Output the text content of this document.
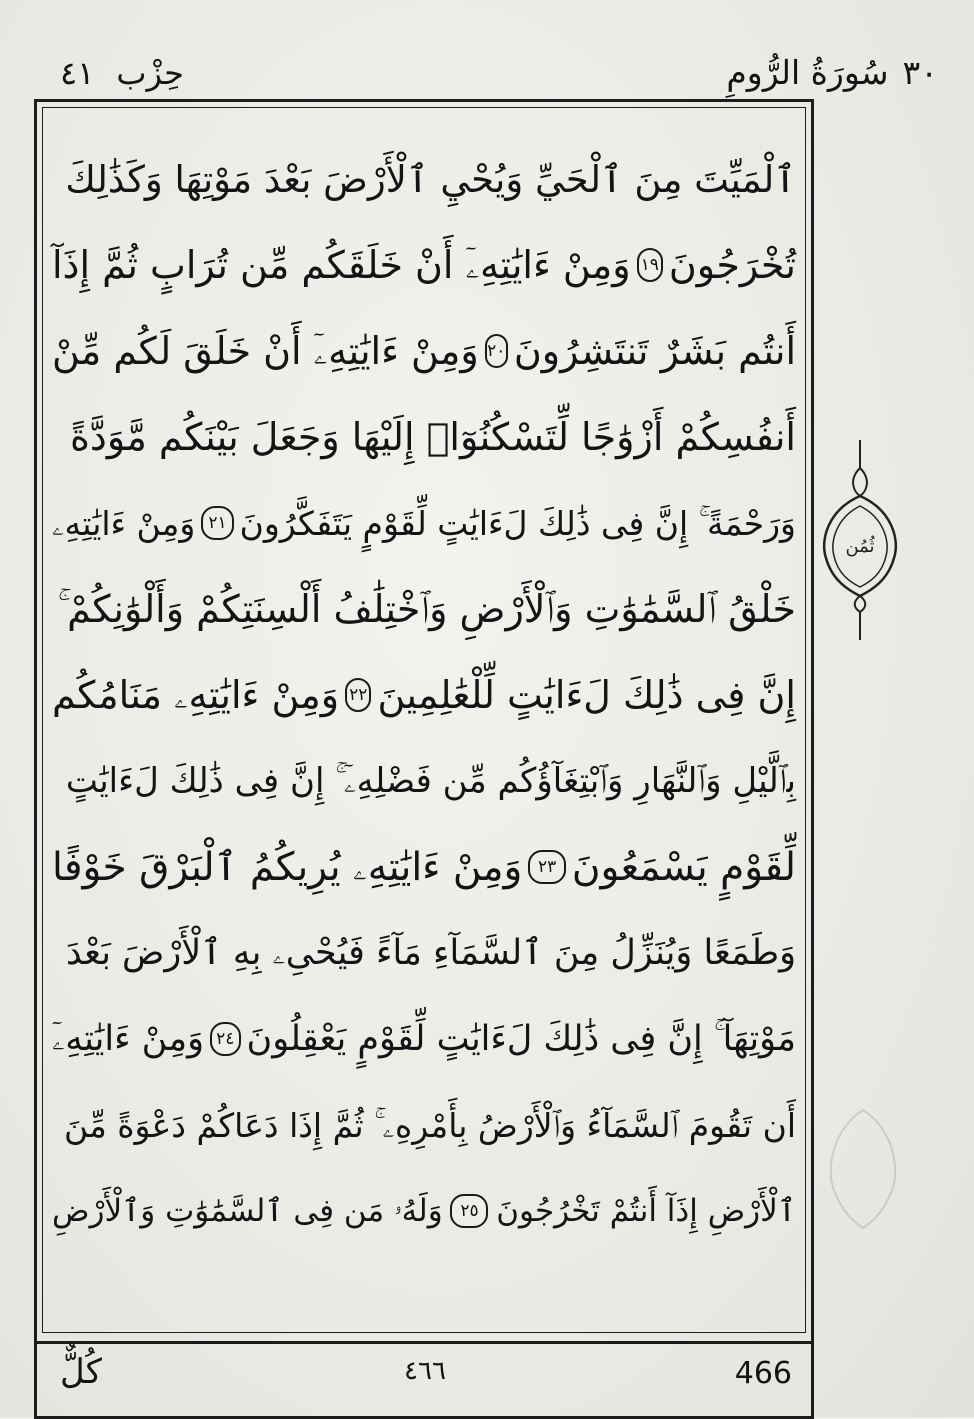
حِزْب
٤١	٣٠
سُورَةُ الرُّومِ
ٱلْمَيِّتَ مِنَ ٱلْحَيِّ وَيُحْيِ ٱلْأَرْضَ بَعْدَ مَوْتِهَا وَكَذَٰلِكَ
تُخْرَجُونَ
١٩
وَمِنْ ءَايَٰتِهِۦٓ أَنْ خَلَقَكُم مِّن تُرَابٍ ثُمَّ إِذَآ
أَنتُم بَشَرٌ تَنتَشِرُونَ
٢٠
وَمِنْ ءَايَٰتِهِۦٓ أَنْ خَلَقَ لَكُم مِّنْ
أَنفُسِكُمْ أَزْوَٰجًا لِّتَسْكُنُوٓا۟ إِلَيْهَا وَجَعَلَ بَيْنَكُم مَّوَدَّةً
وَرَحْمَةً ۚ إِنَّ فِى ذَٰلِكَ لَءَايَٰتٍ لِّقَوْمٍ يَتَفَكَّرُونَ
٢١
وَمِنْ ءَايَٰتِهِۦ
خَلْقُ ٱلسَّمَٰوَٰتِ وَٱلْأَرْضِ وَٱخْتِلَٰفُ أَلْسِنَتِكُمْ وَأَلْوَٰنِكُمْ ۚ
إِنَّ فِى ذَٰلِكَ لَءَايَٰتٍ لِّلْعَٰلِمِينَ
٢٢
وَمِنْ ءَايَٰتِهِۦ مَنَامُكُم
بِٱلَّيْلِ وَٱلنَّهَارِ وَٱبْتِغَآؤُكُم مِّن فَضْلِهِۦٓ ۚ إِنَّ فِى ذَٰلِكَ لَءَايَٰتٍ
لِّقَوْمٍ يَسْمَعُونَ
٢٣
وَمِنْ ءَايَٰتِهِۦ يُرِيكُمُ ٱلْبَرْقَ خَوْفًا
وَطَمَعًا وَيُنَزِّلُ مِنَ ٱلسَّمَآءِ مَآءً فَيُحْىِۦ بِهِ ٱلْأَرْضَ بَعْدَ
مَوْتِهَآ ۚ إِنَّ فِى ذَٰلِكَ لَءَايَٰتٍ لِّقَوْمٍ يَعْقِلُونَ
٢٤
وَمِنْ ءَايَٰتِهِۦٓ
أَن تَقُومَ ٱلسَّمَآءُ وَٱلْأَرْضُ بِأَمْرِهِۦ ۚ ثُمَّ إِذَا دَعَاكُمْ دَعْوَةً مِّنَ
ٱلْأَرْضِ إِذَآ أَنتُمْ تَخْرُجُونَ
٢٥
وَلَهُۥ مَن فِى ٱلسَّمَٰوَٰتِ وَٱلْأَرْضِ
ثُمُن
كُلٌّ	٤٦٦	466
